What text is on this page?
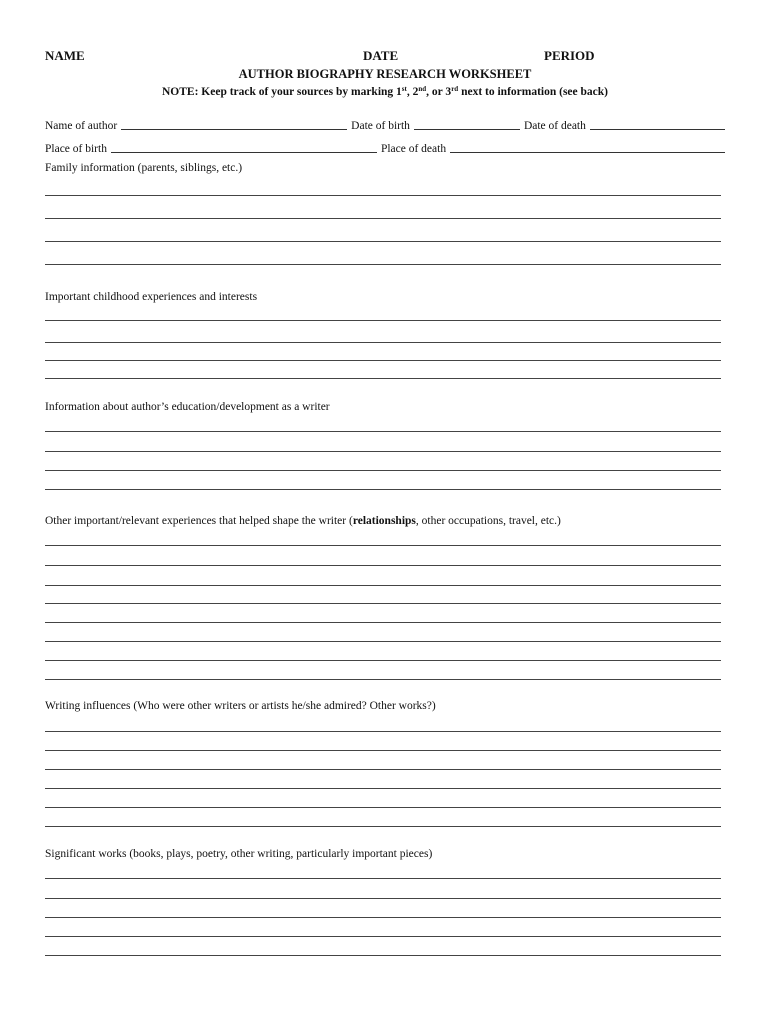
NAME	DATE	PERIOD
AUTHOR BIOGRAPHY RESEARCH WORKSHEET
NOTE: Keep track of your sources by marking 1st, 2nd, or 3rd next to information (see back)
Name of author	Date of birth	Date of death
Place of birth	Place of death
Family information (parents, siblings, etc.)
Important childhood experiences and interests
Information about author’s education/development as a writer
Other important/relevant experiences that helped shape the writer (relationships, other occupations, travel, etc.)
Writing influences (Who were other writers or artists he/she admired? Other works?)
Significant works (books, plays, poetry, other writing, particularly important pieces)
